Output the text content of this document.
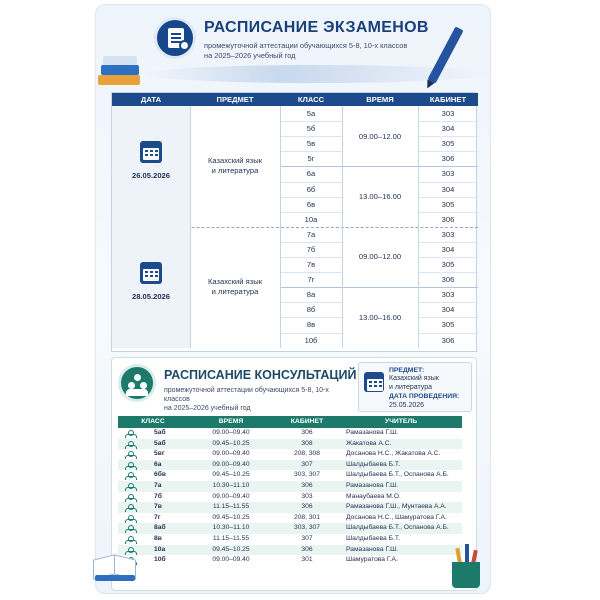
РАСПИСАНИЕ ЭКЗАМЕНОВ
промежуточной аттестации обучающихся 5-8, 10-х классов
на 2025–2026 учебный год
ДАТА	ПРЕДМЕТ	КЛАСС	ВРЕМЯ	КАБИНЕТ
26.05.2026
Казахский язык
и литература
09.00–12.00
5а	303
5б	304
5в	305
5г	306
13.00–16.00
6а	303
6б	304
6в	305
10а	306
28.05.2026
Казахский язык
и литература
09.00–12.00
7а	303
7б	304
7в	305
7г	306
13.00–16.00
8а	303
8б	304
8в	305
10б	306
РАСПИСАНИЕ КОНСУЛЬТАЦИЙ
промежуточной аттестации обучающихся 5-8, 10-х классов
на 2025–2026 учебный год
ПРЕДМЕТ:
Казахский язык
и литература
ДАТА ПРОВЕДЕНИЯ:
25.05.2026
КЛАСС	ВРЕМЯ	КАБИНЕТ	УЧИТЕЛЬ
5аб	09.00–09.40	306	Рамазанова Г.Ш.
5аб	09.45–10.25	308	Жакатова А.С.
5вг	09.00–09.40	208, 308	Досанова Н.С., Жакатова А.С.
6а	09.00–09.40	307	Шалдыбаева Б.Т.
6бв	09.45–10.25	303, 307	Шалдыбаева Б.Т., Оспанова А.Б.
7а	10.30–11.10	306	Рамазанова Г.Ш.
7б	09.00–09.40	303	Манаубаева М.О.
7в	11.15–11.55	306	Рамазанова Г.Ш., Мунтаева А.А.
7г	09.45–10.25	208, 301	Досанова Н.С., Шамуратова Г.А.
8аб	10.30–11.10	303, 307	Шалдыбаева Б.Т., Оспанова А.Б.
8в	11.15–11.55	307	Шалдыбаева Б.Т.
10а	09.45–10.25	306	Рамазанова Г.Ш.
10б	09.00–09.40	301	Шамуратова Г.А.
